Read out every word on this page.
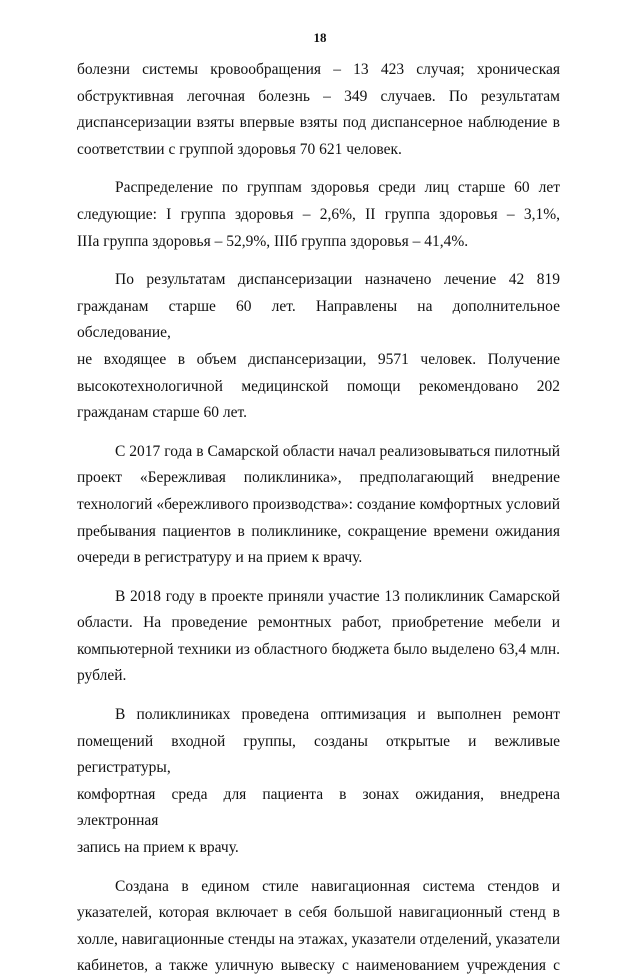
18

болезни системы кровообращения – 13 423 случая; хроническая
обструктивная легочная болезнь – 349 случаев. По результатам
диспансеризации взяты впервые взяты под диспансерное наблюдение в
соответствии с группой здоровья 70 621 человек.

Распределение по группам здоровья среди лиц старше 60 лет
следующие: I группа здоровья – 2,6%, II группа здоровья – 3,1%,
IIIа группа здоровья – 52,9%, IIIб группа здоровья – 41,4%.

По результатам диспансеризации назначено лечение 42 819
гражданам старше 60 лет. Направлены на дополнительное обследование,
не входящее в объем диспансеризации, 9571 человек. Получение
высокотехнологичной медицинской помощи рекомендовано 202
гражданам старше 60 лет.

С 2017 года в Самарской области начал реализовываться пилотный
проект «Бережливая поликлиника», предполагающий внедрение
технологий «бережливого производства»: создание комфортных условий
пребывания пациентов в поликлинике, сокращение времени ожидания
очереди в регистратуру и на прием к врачу.

В 2018 году в проекте приняли участие 13 поликлиник Самарской
области. На проведение ремонтных работ, приобретение мебели и
компьютерной техники из областного бюджета было выделено 63,4 млн.
рублей.

В поликлиниках проведена оптимизация и выполнен ремонт
помещений входной группы, созданы открытые и вежливые регистратуры,
комфортная среда для пациента в зонах ожидания, внедрена электронная
запись на прием к врачу.

Создана в едином стиле навигационная система стендов и
указателей, которая включает в себя большой навигационный стенд в
холле, навигационные стенды на этажах, указатели отделений, указатели
кабинетов, а также уличную вывеску с наименованием учреждения с
